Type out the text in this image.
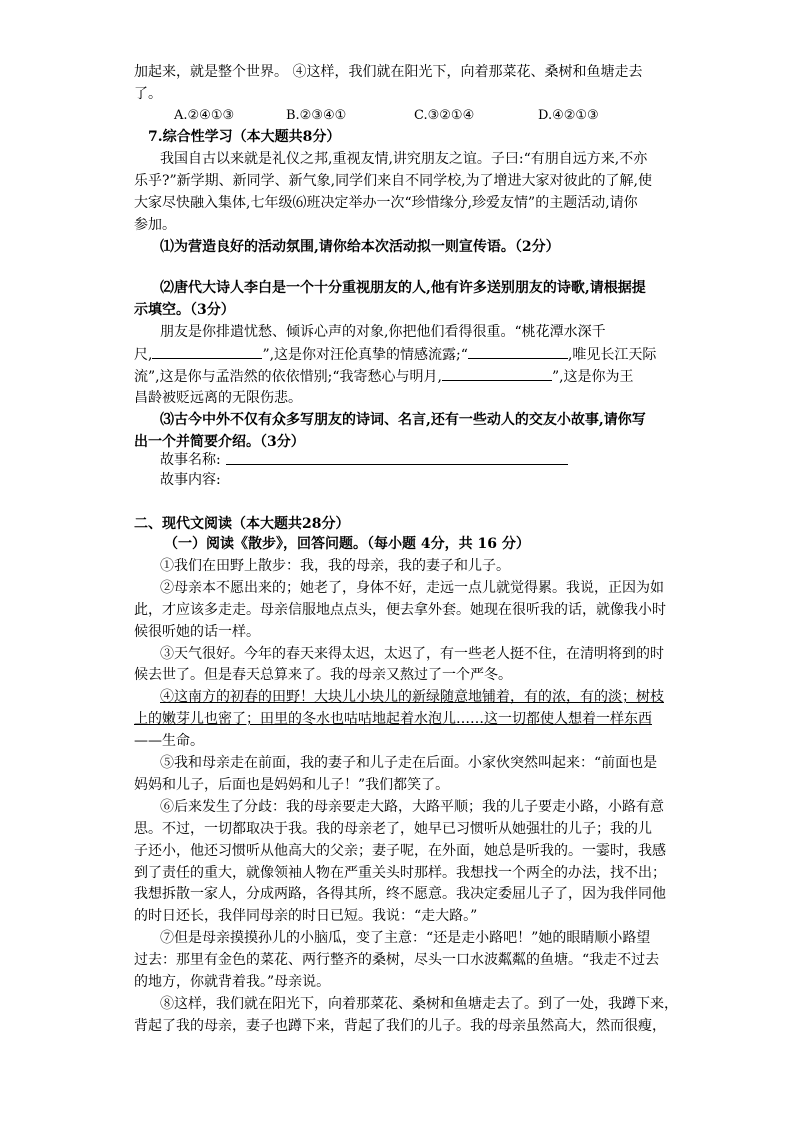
加起来，就是整个世界。 ④这样，我们就在阳光下，向着那菜花、桑树和鱼塘走去
了。
A.②④①③	B.②③④①	C.③②①④	D.④②①③
7.综合性学习（本大题共8分）
我国自古以来就是礼仪之邦,重视友情,讲究朋友之谊。子曰:“有朋自远方来,不亦
乐乎?”新学期、新同学、新气象,同学们来自不同学校,为了增进大家对彼此的了解,使
大家尽快融入集体,七年级⑹班决定举办一次“珍惜缘分,珍爱友情”的主题活动,请你
参加。
⑴为营造良好的活动氛围,请你给本次活动拟一则宣传语。（2分）
⑵唐代大诗人李白是一个十分重视朋友的人,他有许多送别朋友的诗歌,请根据提
示填空。（3分）
朋友是你排遣忧愁、倾诉心声的对象,你把他们看得很重。“桃花潭水深千
尺,	”,这是你对汪伦真挚的情感流露;“	,唯见长江天际
流”,这是你与孟浩然的依依惜别;“我寄愁心与明月,	”,这是你为王
昌龄被贬远离的无限伤悲。
⑶古今中外不仅有众多写朋友的诗词、名言,还有一些动人的交友小故事,请你写
出一个并简要介绍。（3分）
故事名称:
故事内容:
二、现代文阅读（本大题共28分）
（一）阅读《散步》，回答问题。（每小题 4分，共 16 分）
①我们在田野上散步：我，我的母亲，我的妻子和儿子。
②母亲本不愿出来的；她老了，身体不好，走远一点儿就觉得累。我说，正因为如
此，才应该多走走。母亲信服地点点头，便去拿外套。她现在很听我的话，就像我小时
候很听她的话一样。
③天气很好。今年的春天来得太迟，太迟了，有一些老人挺不住，在清明将到的时
候去世了。但是春天总算来了。我的母亲又熬过了一个严冬。
④这南方的初春的田野！大块儿小块儿的新绿随意地铺着，有的浓，有的淡；树枝
上的嫩芽儿也密了；田里的冬水也咕咕地起着水泡儿……这一切都使人想着一样东西
——生命。
⑤我和母亲走在前面，我的妻子和儿子走在后面。小家伙突然叫起来：“前面也是
妈妈和儿子，后面也是妈妈和儿子！”我们都笑了。
⑥后来发生了分歧：我的母亲要走大路，大路平顺；我的儿子要走小路，小路有意
思。不过，一切都取决于我。我的母亲老了，她早已习惯听从她强壮的儿子；我的儿
子还小，他还习惯听从他高大的父亲；妻子呢，在外面，她总是听我的。一霎时，我感
到了责任的重大，就像领袖人物在严重关头时那样。我想找一个两全的办法，找不出；
我想拆散一家人，分成两路，各得其所，终不愿意。我决定委屈儿子了，因为我伴同他
的时日还长，我伴同母亲的时日已短。我说：“走大路。”
⑦但是母亲摸摸孙儿的小脑瓜，变了主意：“还是走小路吧！”她的眼睛顺小路望
过去：那里有金色的菜花、两行整齐的桑树，尽头一口水波粼粼的鱼塘。“我走不过去
的地方，你就背着我。”母亲说。
⑧这样，我们就在阳光下，向着那菜花、桑树和鱼塘走去了。到了一处，我蹲下来，
背起了我的母亲，妻子也蹲下来，背起了我们的儿子。我的母亲虽然高大，然而很瘦，
